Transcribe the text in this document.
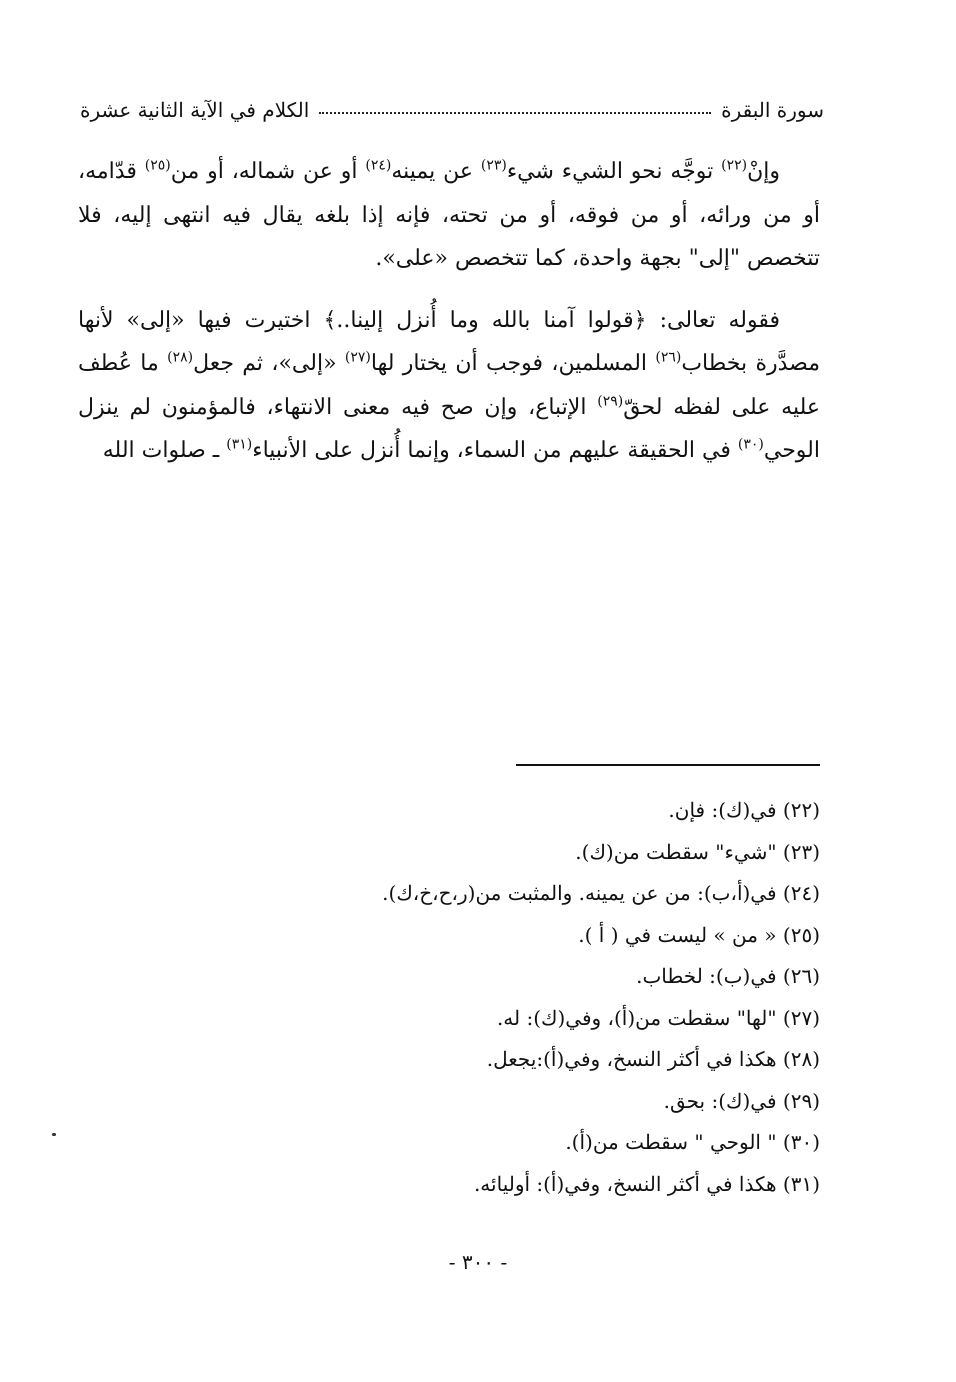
سورة البقرة
الكلام في الآية الثانية عشرة

وإنْ$^{(٢٢)}$ توجَّه نحو الشيء شيء$^{(٢٣)}$ عن يمينه$^{(٢٤)}$ أو عن شماله، أو من$^{(٢٥)}$ قدّامه، أو من ورائه، أو من فوقه، أو من تحته، فإنه إذا بلغه يقال فيه انتهى إليه، فلا تتخصص "إلى" بجهة واحدة، كما تتخصص «على».

فقوله تعالى: ﴿قولوا آمنا بالله وما أُنزل إلينا..﴾ اختيرت فيها «إلى» لأنها مصدَّرة بخطاب$^{(٢٦)}$ المسلمين، فوجب أن يختار لها$^{(٢٧)}$ «إلى»، ثم جعل$^{(٢٨)}$ ما عُطف عليه على لفظه لحقّ$^{(٢٩)}$ الإتباع، وإن صح فيه معنى الانتهاء، فالمؤمنون لم ينزل الوحي$^{(٣٠)}$ في الحقيقة عليهم من السماء، وإنما أُنزل على الأنبياء$^{(٣١)}$ ـ صلوات الله

(٢٢) في(ك): فإن.
(٢٣) "شيء" سقطت من(ك).
(٢٤) في(أ،ب): من عن يمينه. والمثبت من(ر،ح،خ،ك).
(٢٥) « من » ليست في ( أ ).
(٢٦) في(ب): لخطاب.
(٢٧) "لها" سقطت من(أ)، وفي(ك): له.
(٢٨) هكذا في أكثر النسخ، وفي(أ):يجعل.
(٢٩) في(ك): بحق.
(٣٠) " الوحي " سقطت من(أ).
(٣١) هكذا في أكثر النسخ، وفي(أ): أوليائه.
- ٣٠٠ -
